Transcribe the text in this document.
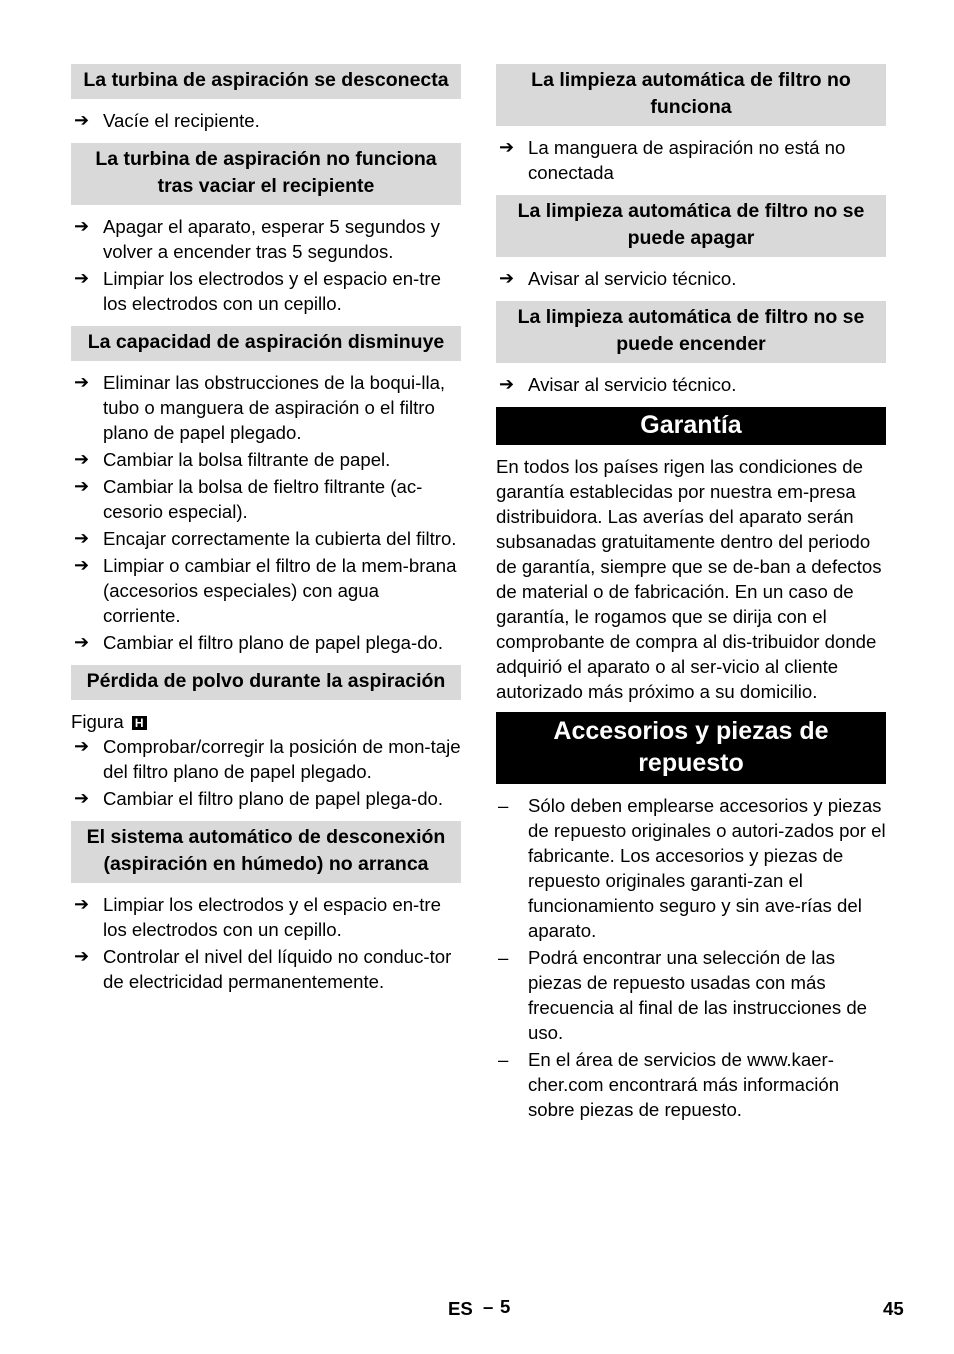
La turbina de aspiración se desconecta
➔ Vacíe el recipiente.
La turbina de aspiración no funciona tras vaciar el recipiente
➔ Apagar el aparato, esperar 5 segundos y volver a encender tras 5 segundos.
➔ Limpiar los electrodos y el espacio en-tre los electrodos con un cepillo.
La capacidad de aspiración disminuye
➔ Eliminar las obstrucciones de la boqui-lla, tubo o manguera de aspiración o el filtro plano de papel plegado.
➔ Cambiar la bolsa filtrante de papel.
➔ Cambiar la bolsa de fieltro filtrante (ac-cesorio especial).
➔ Encajar correctamente la cubierta del filtro.
➔ Limpiar o cambiar el filtro de la mem-brana (accesorios especiales) con agua corriente.
➔ Cambiar el filtro plano de papel plega-do.
Pérdida de polvo durante la aspiración
Figura H
➔ Comprobar/corregir la posición de mon-taje del filtro plano de papel plegado.
➔ Cambiar el filtro plano de papel plega-do.
El sistema automático de desconexión (aspiración en húmedo) no arranca
➔ Limpiar los electrodos y el espacio en-tre los electrodos con un cepillo.
➔ Controlar el nivel del líquido no conduc-tor de electricidad permanentemente.
La limpieza automática de filtro no funciona
➔ La manguera de aspiración no está no conectada
La limpieza automática de filtro no se puede apagar
➔ Avisar al servicio técnico.
La limpieza automática de filtro no se puede encender
➔ Avisar al servicio técnico.
Garantía
En todos los países rigen las condiciones de garantía establecidas por nuestra em-presa distribuidora. Las averías del aparato serán subsanadas gratuitamente dentro del periodo de garantía, siempre que se de-ban a defectos de material o de fabricación. En un caso de garantía, le rogamos que se dirija con el comprobante de compra al dis-tribuidor donde adquirió el aparato o al ser-vicio al cliente autorizado más próximo a su domicilio.
Accesorios y piezas de repuesto
– Sólo deben emplearse accesorios y piezas de repuesto originales o autori-zados por el fabricante. Los accesorios y piezas de repuesto originales garanti-zan el funcionamiento seguro y sin ave-rías del aparato.
– Podrá encontrar una selección de las piezas de repuesto usadas con más frecuencia al final de las instrucciones de uso.
– En el área de servicios de www.kaer-cher.com encontrará más información sobre piezas de repuesto.
ES – 5	45
